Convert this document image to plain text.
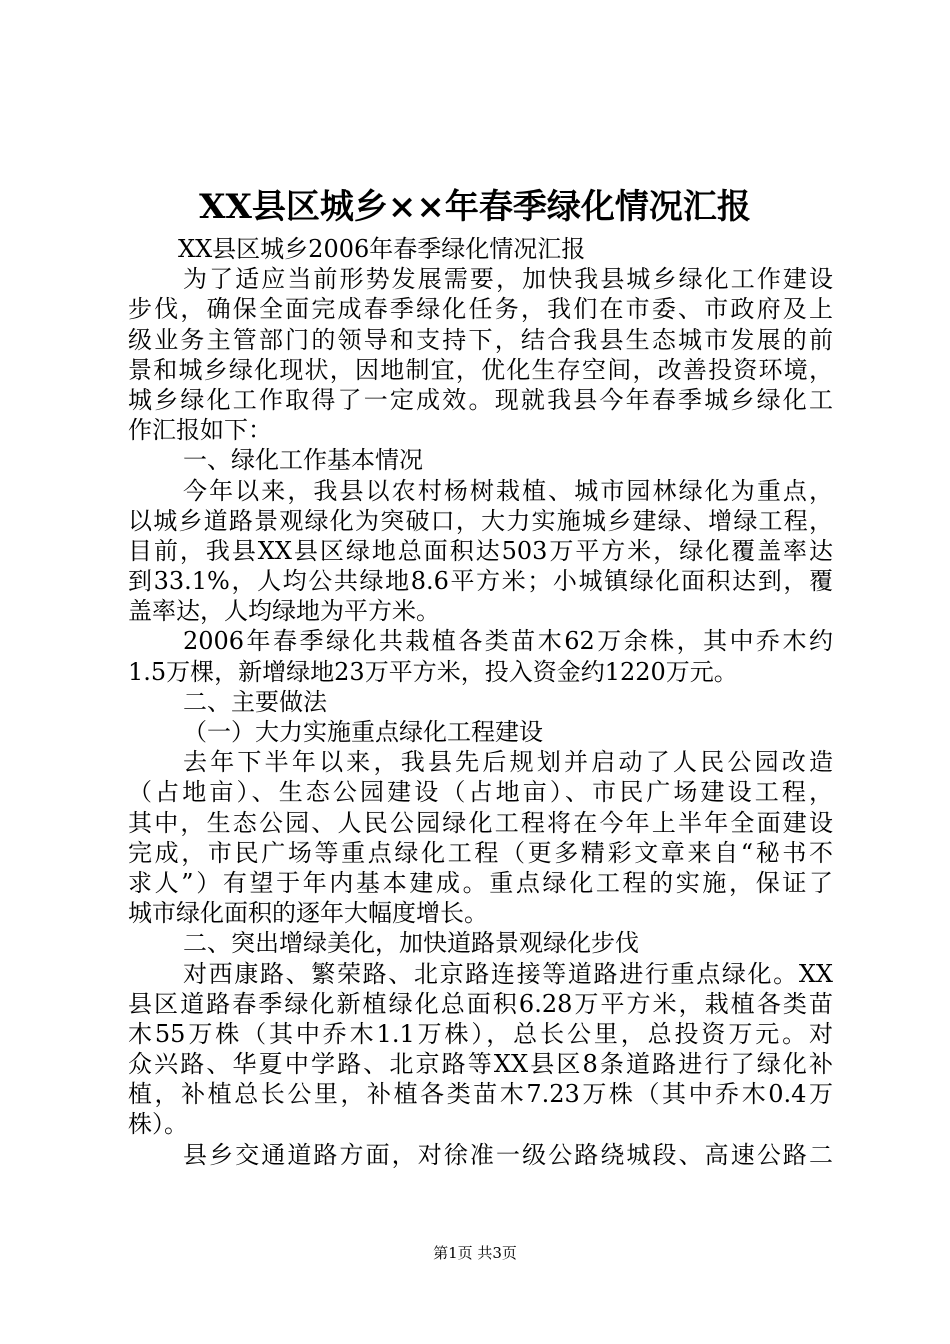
XX县区城乡××年春季绿化情况汇报
XX县区城乡2006年春季绿化情况汇报
为了适应当前形势发展需要，加快我县城乡绿化工作建设
步伐，确保全面完成春季绿化任务，我们在市委、市政府及上
级业务主管部门的领导和支持下，结合我县生态城市发展的前
景和城乡绿化现状，因地制宜，优化生存空间，改善投资环境，
城乡绿化工作取得了一定成效。现就我县今年春季城乡绿化工
作汇报如下：
一、绿化工作基本情况
今年以来，我县以农村杨树栽植、城市园林绿化为重点，
以城乡道路景观绿化为突破口，大力实施城乡建绿、增绿工程，
目前，我县XX县区绿地总面积达503万平方米，绿化覆盖率达
到33.1%，人均公共绿地8.6平方米；小城镇绿化面积达到，覆
盖率达，人均绿地为平方米。
2006年春季绿化共栽植各类苗木62万余株，其中乔木约
1.5万棵，新增绿地23万平方米，投入资金约1220万元。
二、主要做法
（一）大力实施重点绿化工程建设
去年下半年以来，我县先后规划并启动了人民公园改造
（占地亩）、生态公园建设（占地亩）、市民广场建设工程，
其中，生态公园、人民公园绿化工程将在今年上半年全面建设
完成，市民广场等重点绿化工程（更多精彩文章来自“秘书不
求人”）有望于年内基本建成。重点绿化工程的实施，保证了
城市绿化面积的逐年大幅度增长。
二、突出增绿美化，加快道路景观绿化步伐
对西康路、繁荣路、北京路连接等道路进行重点绿化。XX
县区道路春季绿化新植绿化总面积6.28万平方米，栽植各类苗
木55万株（其中乔木1.1万株），总长公里，总投资万元。对
众兴路、华夏中学路、北京路等XX县区8条道路进行了绿化补
植，补植总长公里，补植各类苗木7.23万株（其中乔木0.4万
株）。
县乡交通道路方面，对徐准一级公路绕城段、高速公路二
第1页 共3页
